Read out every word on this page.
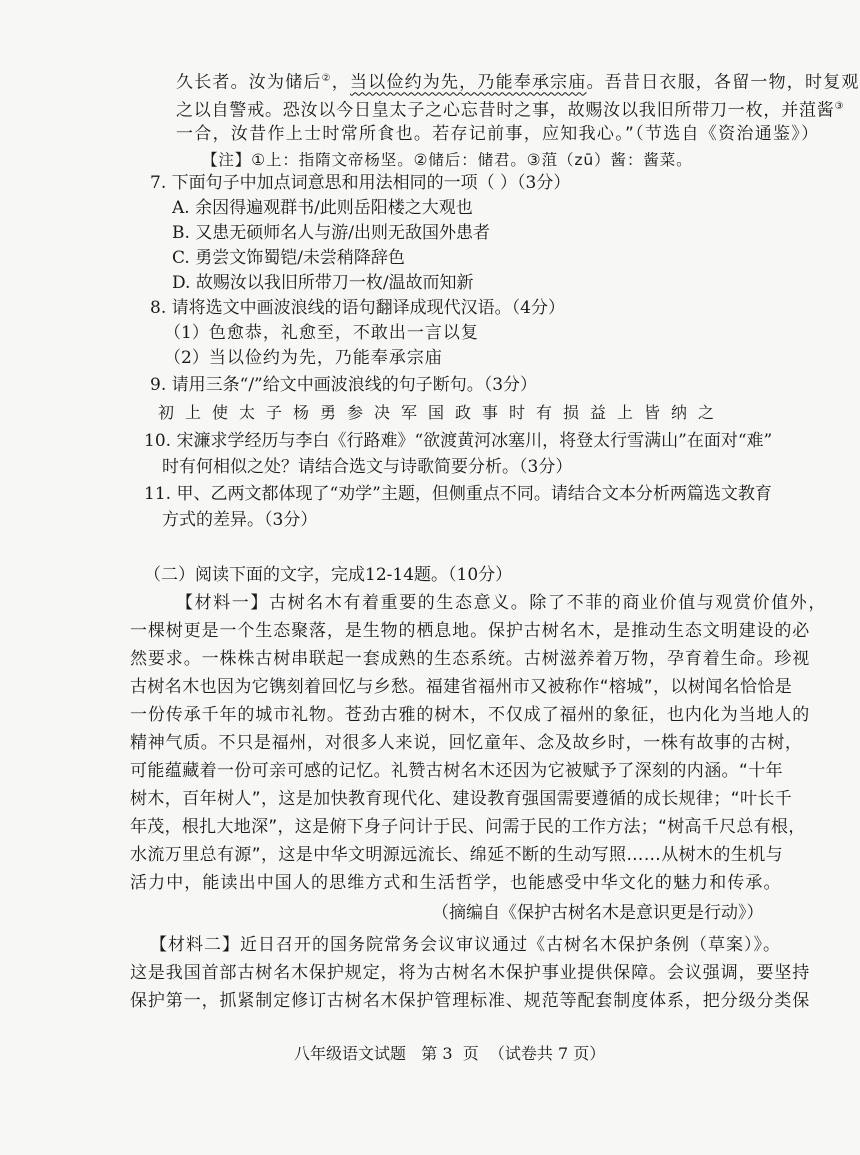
久长者。汝为储后②，当以俭约为先，乃能奉承宗庙。吾昔日衣服，各留一物，时复观
之以自警戒。恐汝以今日皇太子之心忘昔时之事，故赐汝以我旧所带刀一枚，并菹酱③
一合，汝昔作上士时常所食也。若存记前事，应知我心。”（节选自《资治通鉴》）
【注】①上：指隋文帝杨坚。②储后：储君。③菹（zū）酱：酱菜。
7. 下面句子中加点词意思和用法相同的一项（ ）（3分）
A. 余因得遍观群书/此则岳阳楼之大观也
B. 又患无硕师名人与游/出则无敌国外患者
C. 勇尝文饰蜀铠/未尝稍降辞色
D. 故赐汝以我旧所带刀一枚/温故而知新
8. 请将选文中画波浪线的语句翻译成现代汉语。（4分）
（1）色愈恭，礼愈至，不敢出一言以复
（2）当以俭约为先，乃能奉承宗庙
9. 请用三条“/”给文中画波浪线的句子断句。（3分）
初上使太子杨勇参决军国政事时有损益上皆纳之
10. 宋濂求学经历与李白《行路难》“欲渡黄河冰塞川，将登太行雪满山”在面对“难”
时有何相似之处？请结合选文与诗歌简要分析。（3分）
11. 甲、乙两文都体现了“劝学”主题，但侧重点不同。请结合文本分析两篇选文教育
方式的差异。（3分）
（二）阅读下面的文字，完成12-14题。（10分）
【材料一】古树名木有着重要的生态意义。除了不菲的商业价值与观赏价值外，
一棵树更是一个生态聚落，是生物的栖息地。保护古树名木，是推动生态文明建设的必
然要求。一株株古树串联起一套成熟的生态系统。古树滋养着万物，孕育着生命。珍视
古树名木也因为它镌刻着回忆与乡愁。福建省福州市又被称作“榕城”，以树闻名恰恰是
一份传承千年的城市礼物。苍劲古雅的树木，不仅成了福州的象征，也内化为当地人的
精神气质。不只是福州，对很多人来说，回忆童年、念及故乡时，一株有故事的古树，
可能蕴藏着一份可亲可感的记忆。礼赞古树名木还因为它被赋予了深刻的内涵。“十年
树木，百年树人”，这是加快教育现代化、建设教育强国需要遵循的成长规律；“叶长千
年茂，根扎大地深”，这是俯下身子问计于民、问需于民的工作方法；“树高千尺总有根，
水流万里总有源”，这是中华文明源远流长、绵延不断的生动写照……从树木的生机与
活力中，能读出中国人的思维方式和生活哲学，也能感受中华文化的魅力和传承。
（摘编自《保护古树名木是意识更是行动》）
【材料二】近日召开的国务院常务会议审议通过《古树名木保护条例（草案）》。
这是我国首部古树名木保护规定，将为古树名木保护事业提供保障。会议强调，要坚持
保护第一，抓紧制定修订古树名木保护管理标准、规范等配套制度体系，把分级分类保
八年级语文试题   第 3  页  （试卷共 7 页）
